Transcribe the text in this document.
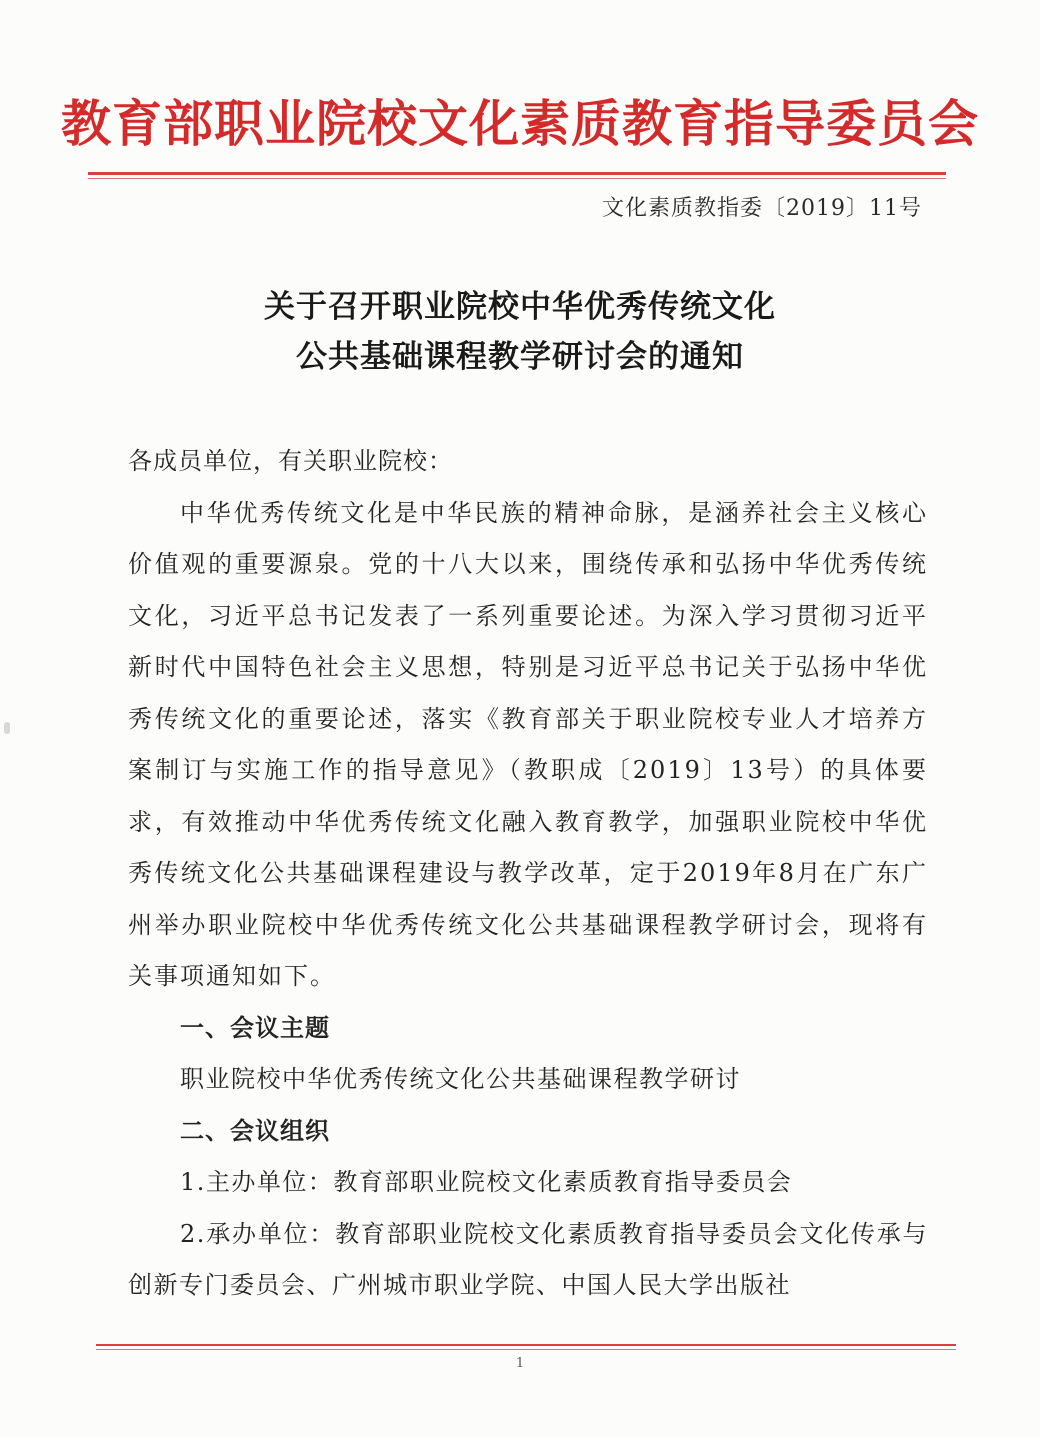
教育部职业院校文化素质教育指导委员会
文化素质教指委〔2019〕11号
关于召开职业院校中华优秀传统文化
公共基础课程教学研讨会的通知

各成员单位，有关职业院校：

中华优秀传统文化是中华民族的精神命脉，是涵养社会主义核心价值观的重要源泉。党的十八大以来，围绕传承和弘扬中华优秀传统文化，习近平总书记发表了一系列重要论述。为深入学习贯彻习近平新时代中国特色社会主义思想，特别是习近平总书记关于弘扬中华优秀传统文化的重要论述，落实《教育部关于职业院校专业人才培养方案制订与实施工作的指导意见》（教职成〔2019〕13号）的具体要求，有效推动中华优秀传统文化融入教育教学，加强职业院校中华优秀传统文化公共基础课程建设与教学改革，定于2019年8月在广东广州举办职业院校中华优秀传统文化公共基础课程教学研讨会，现将有关事项通知如下。

一、会议主题

职业院校中华优秀传统文化公共基础课程教学研讨

二、会议组织

1.主办单位：教育部职业院校文化素质教育指导委员会

2.承办单位：教育部职业院校文化素质教育指导委员会文化传承与创新专门委员会、广州城市职业学院、中国人民大学出版社

1
